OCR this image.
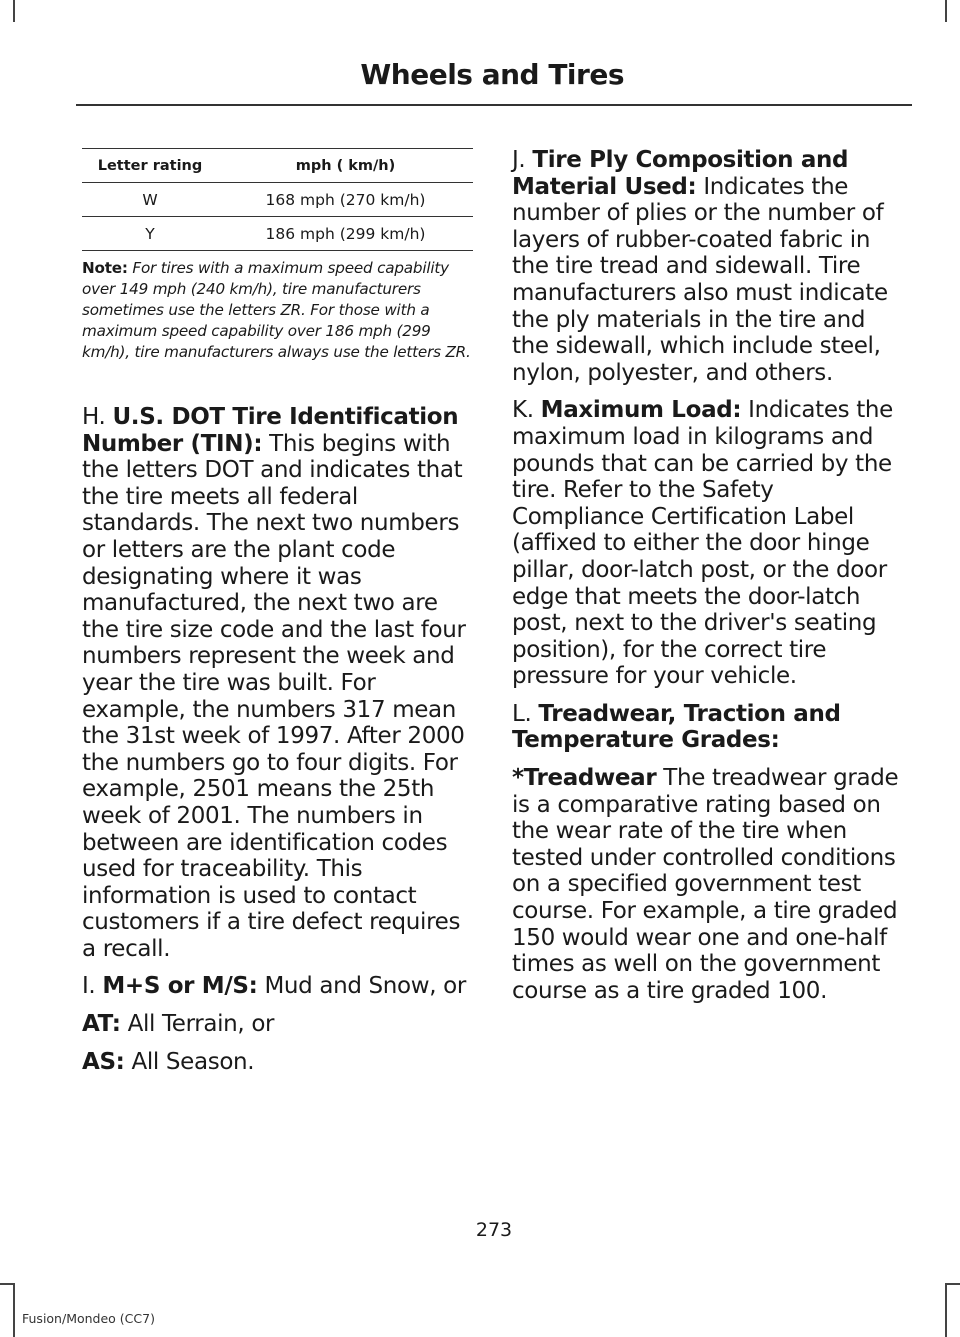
Wheels and Tires
Letter rating	mph ( km/h)
W	168 mph (270 km/h)
Y	186 mph (299 km/h)
Note: For tires with a maximum speed capability over 149 mph (240 km/h), tire manufacturers sometimes use the letters ZR. For those with a maximum speed capability over 186 mph (299 km/h), tire manufacturers always use the letters ZR.

H. U.S. DOT Tire Identification Number (TIN): This begins with the letters DOT and indicates that the tire meets all federal standards. The next two numbers or letters are the plant code designating where it was manufactured, the next two are the tire size code and the last four numbers represent the week and year the tire was built. For example, the numbers 317 mean the 31st week of 1997. After 2000 the numbers go to four digits. For example, 2501 means the 25th week of 2001. The numbers in between are identification codes used for traceability. This information is used to contact customers if a tire defect requires a recall.

I. M+S or M/S: Mud and Snow, or

AT: All Terrain, or

AS: All Season.

J. Tire Ply Composition and Material Used: Indicates the number of plies or the number of layers of rubber-coated fabric in the tire tread and sidewall. Tire manufacturers also must indicate the ply materials in the tire and the sidewall, which include steel, nylon, polyester, and others.

K. Maximum Load: Indicates the maximum load in kilograms and pounds that can be carried by the tire. Refer to the Safety Compliance Certification Label (affixed to either the door hinge pillar, door-latch post, or the door edge that meets the door-latch post, next to the driver's seating position), for the correct tire pressure for your vehicle.

L. Treadwear, Traction and Temperature Grades:

*Treadwear The treadwear grade is a comparative rating based on the wear rate of the tire when tested under controlled conditions on a specified government test course. For example, a tire graded 150 would wear one and one-half times as well on the government course as a tire graded 100.

273
Fusion/Mondeo (CC7)
